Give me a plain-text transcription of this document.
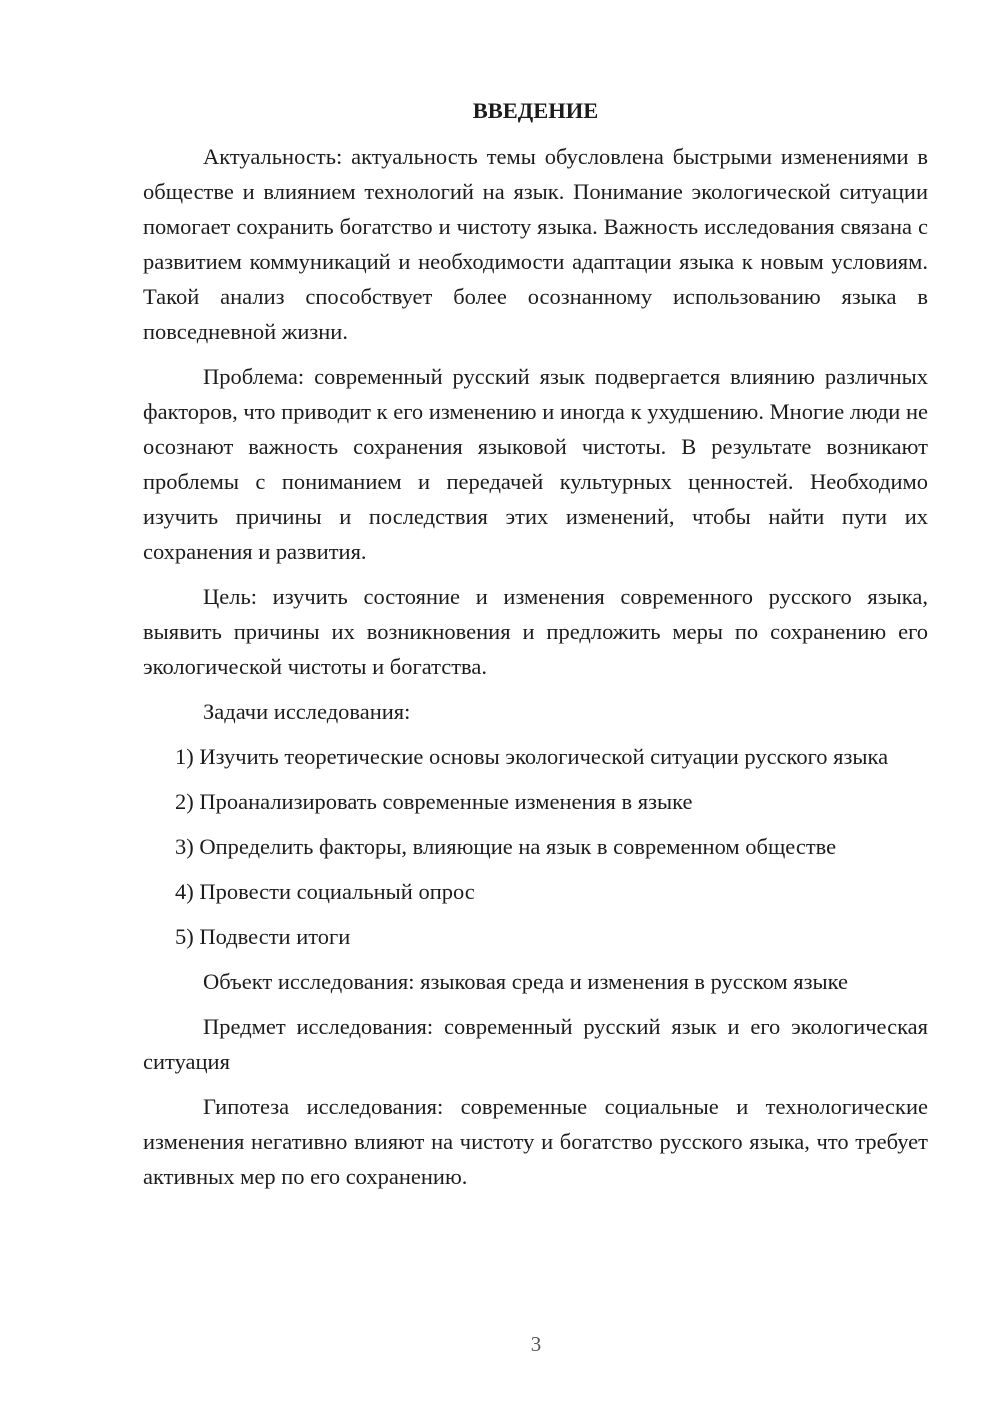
ВВЕДЕНИЕ

Актуальность: актуальность темы обусловлена быстрыми изменениями в обществе и влиянием технологий на язык. Понимание экологической ситуации помогает сохранить богатство и чистоту языка. Важность исследования связана с развитием коммуникаций и необходимости адаптации языка к новым условиям. Такой анализ способствует более осознанному использованию языка в повседневной жизни.

Проблема: современный русский язык подвергается влиянию различных факторов, что приводит к его изменению и иногда к ухудшению. Многие люди не осознают важность сохранения языковой чистоты. В результате возникают проблемы с пониманием и передачей культурных ценностей. Необходимо изучить причины и последствия этих изменений, чтобы найти пути их сохранения и развития.

Цель: изучить состояние и изменения современного русского языка, выявить причины их возникновения и предложить меры по сохранению его экологической чистоты и богатства.

Задачи исследования:

1) Изучить теоретические основы экологической ситуации русского языка

2) Проанализировать современные изменения в языке

3) Определить факторы, влияющие на язык в современном обществе

4) Провести социальный опрос

5) Подвести итоги

Объект исследования: языковая среда и изменения в русском языке

Предмет исследования: современный русский язык и его экологическая ситуация

Гипотеза исследования: современные социальные и технологические изменения негативно влияют на чистоту и богатство русского языка, что требует активных мер по его сохранению.

3
